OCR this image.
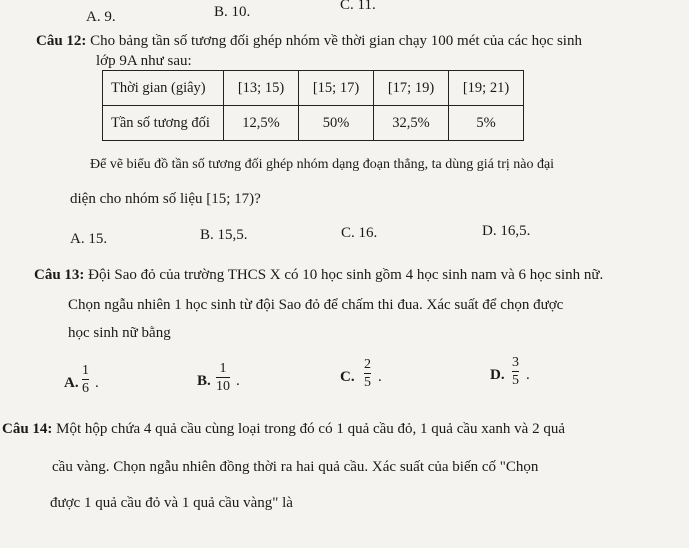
A. 9.	B. 10.	C. 11.
Câu 12: Cho bảng tần số tương đối ghép nhóm về thời gian chạy 100 mét của các học sinh
lớp 9A như sau:
Thời gian (giây)	[13; 15)	[15; 17)	[17; 19)	[19; 21)
Tần số tương đối	12,5%	50%	32,5%	5%
Để vẽ biểu đồ tần số tương đối ghép nhóm dạng đoạn thẳng, ta dùng giá trị nào đại
diện cho nhóm số liệu [15; 17)?
A. 15.	B. 15,5.	C. 16.	D. 16,5.
Câu 13: Đội Sao đỏ của trường THCS X có 10 học sinh gồm 4 học sinh nam và 6 học sinh nữ.
Chọn ngẫu nhiên 1 học sinh từ đội Sao đỏ để chấm thi đua. Xác suất để chọn được
học sinh nữ bằng
A.
1
6 .	B.
1
10 .	C.
2
5 .	D.
3
5 .
Câu 14: Một hộp chứa 4 quả cầu cùng loại trong đó có 1 quả cầu đỏ, 1 quả cầu xanh và 2 quả
cầu vàng. Chọn ngẫu nhiên đồng thời ra hai quả cầu. Xác suất của biến cố "Chọn
được 1 quả cầu đỏ và 1 quả cầu vàng" là
